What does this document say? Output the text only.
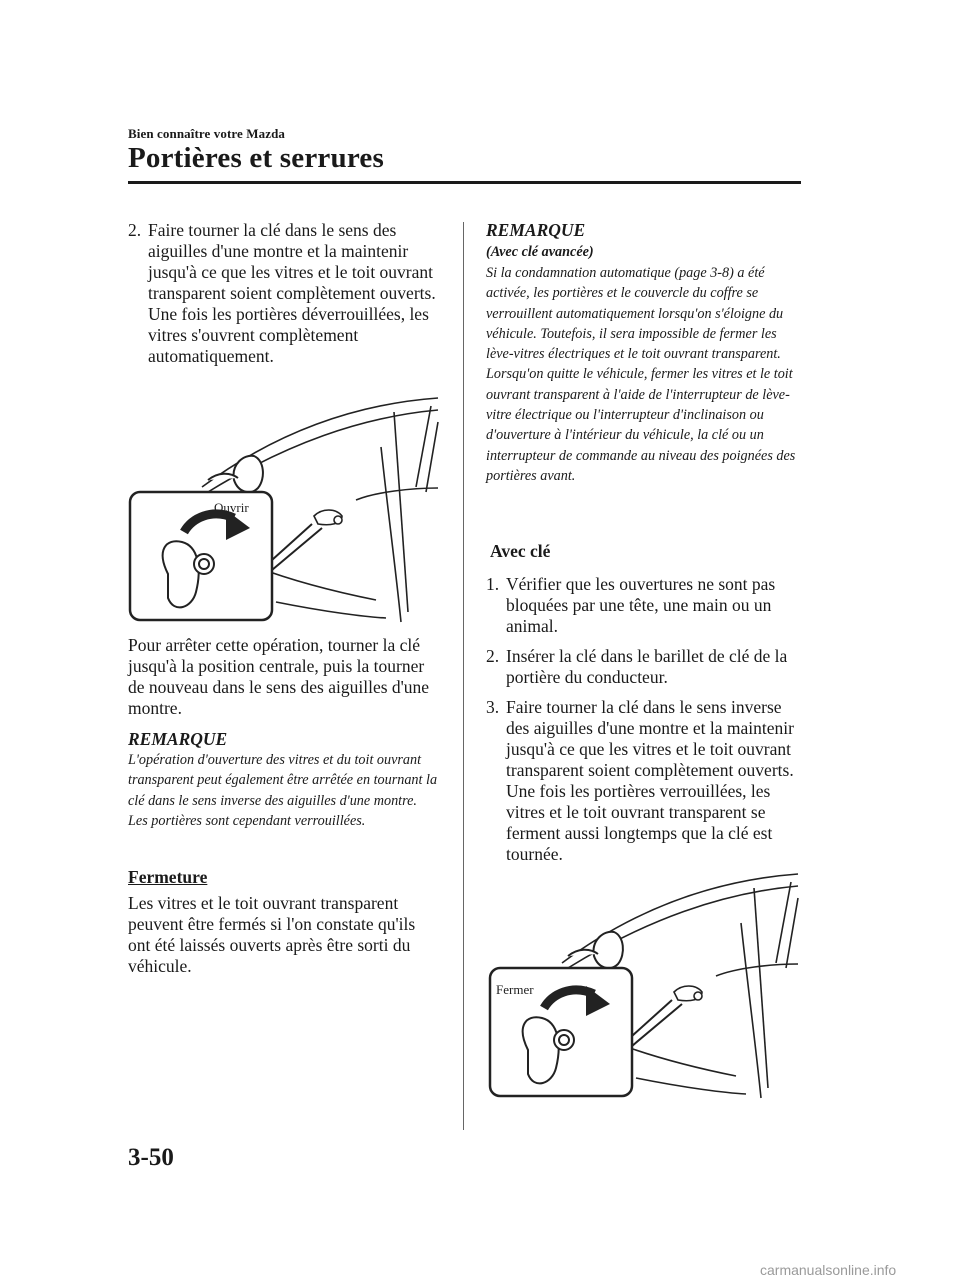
Bien connaître votre Mazda
Portières et serrures
2. Faire tourner la clé dans le sens des aiguilles d'une montre et la maintenir jusqu'à ce que les vitres et le toit ouvrant transparent soient complètement ouverts. Une fois les portières déverrouillées, les vitres s'ouvrent complètement automatiquement.
Ouvrir
Pour arrêter cette opération, tourner la clé jusqu'à la position centrale, puis la tourner de nouveau dans le sens des aiguilles d'une montre.
REMARQUE
L'opération d'ouverture des vitres et du toit ouvrant transparent peut également être arrêtée en tournant la clé dans le sens inverse des aiguilles d'une montre. Les portières sont cependant verrouillées.
Fermeture
Les vitres et le toit ouvrant transparent peuvent être fermés si l'on constate qu'ils ont été laissés ouverts après être sorti du véhicule.
REMARQUE
(Avec clé avancée)
Si la condamnation automatique (page 3-8) a été activée, les portières et le couvercle du coffre se verrouillent automatiquement lorsqu'on s'éloigne du véhicule. Toutefois, il sera impossible de fermer les lève-vitres électriques et le toit ouvrant transparent. Lorsqu'on quitte le véhicule, fermer les vitres et le toit ouvrant transparent à l'aide de l'interrupteur de lève-vitre électrique ou l'interrupteur d'inclinaison ou d'ouverture à l'intérieur du véhicule, la clé ou un interrupteur de commande au niveau des poignées des portières avant.
Avec clé
1. Vérifier que les ouvertures ne sont pas bloquées par une tête, une main ou un animal.
2. Insérer la clé dans le barillet de clé de la portière du conducteur.
3. Faire tourner la clé dans le sens inverse des aiguilles d'une montre et la maintenir jusqu'à ce que les vitres et le toit ouvrant transparent soient complètement ouverts. Une fois les portières verrouillées, les vitres et le toit ouvrant transparent se ferment aussi longtemps que la clé est tournée.
Fermer
3-50
carmanualsonline.info
